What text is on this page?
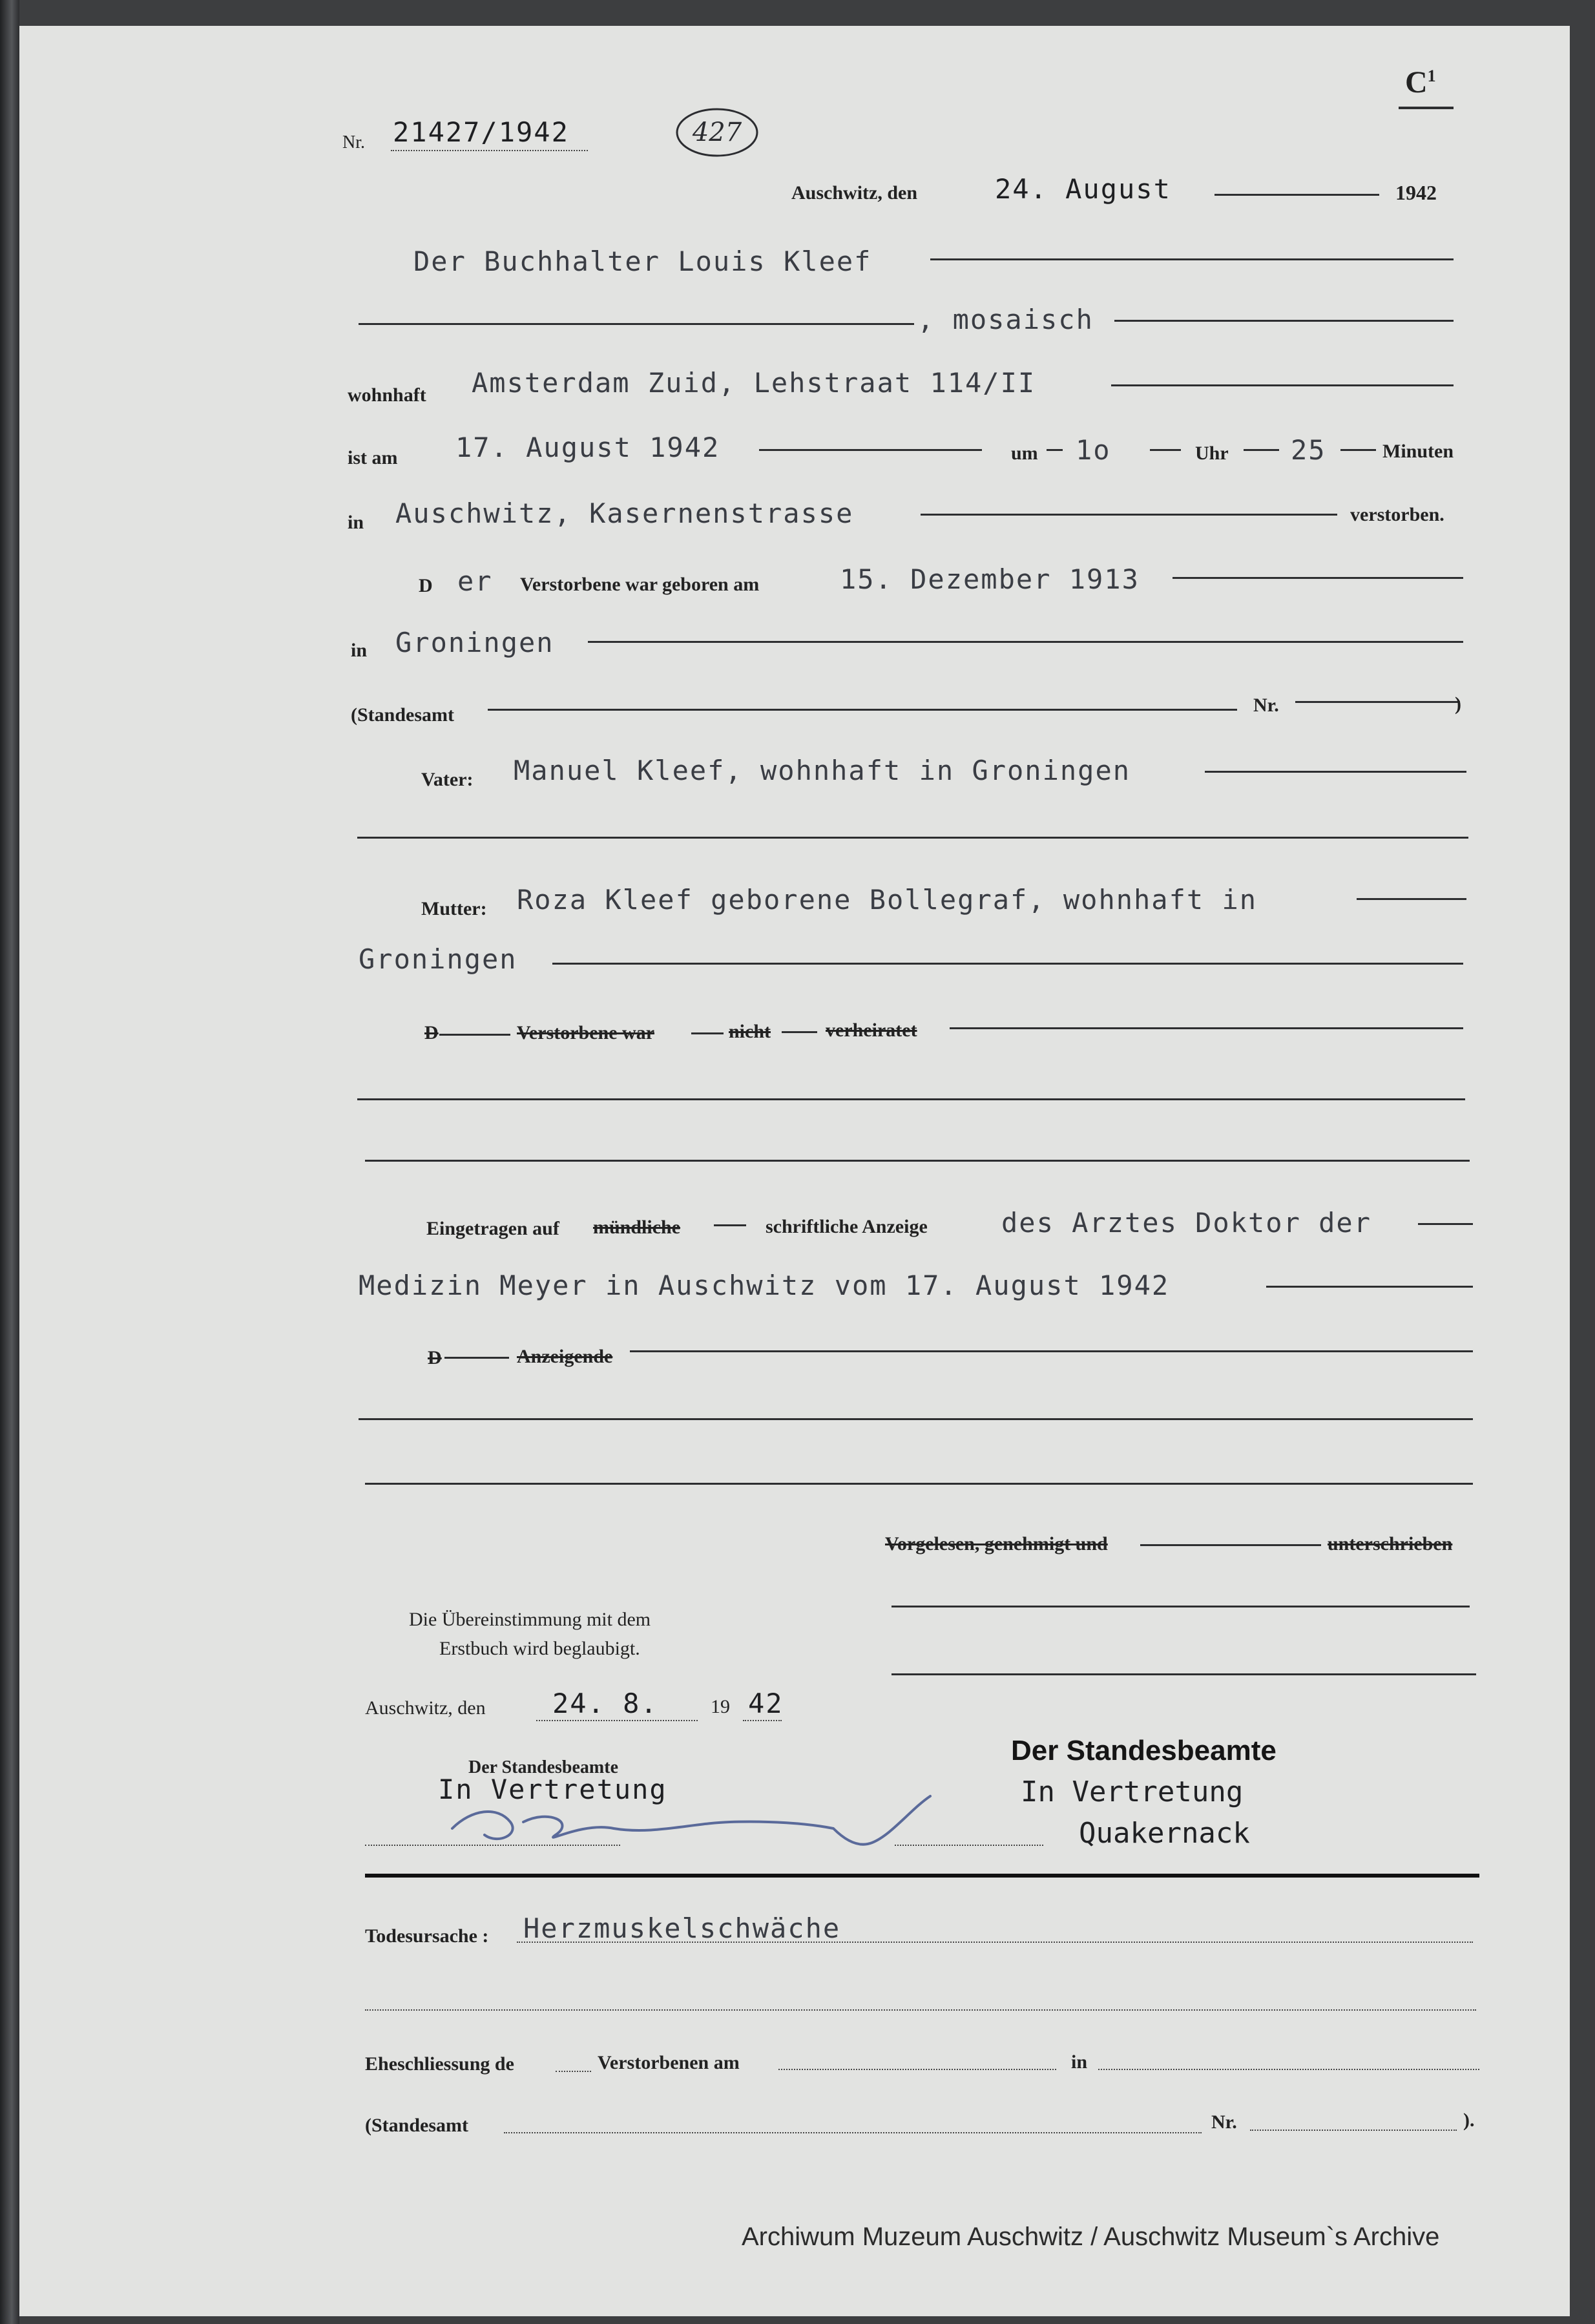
$C^1$
Nr. 21427/1942	427
Auschwitz, den	24. August	1942
Der Buchhalter Louis Kleef
, mosaisch
wohnhaft Amsterdam Zuid, Lehstraat 114/II
ist am 17. August 1942	um 1o	Uhr 25	Minuten
in Auschwitz, Kasernenstrasse	verstorben.
D er Verstorbene war geboren am	15. Dezember 1913
in Groningen
(Standesamt	Nr.	)
Vater: Manuel Kleef, wohnhaft in Groningen
Mutter: Roza Kleef geborene Bollegraf, wohnhaft in
Groningen
D	Verstorbene war	nicht	verheiratet
Eingetragen auf mündliche	schriftliche Anzeige	des Arztes Doktor der
Medizin Meyer in Auschwitz vom 17. August 1942
D	Anzeigende
Vorgelesen, genehmigt und	unterschrieben
Die Übereinstimmung mit dem
Erstbuch wird beglaubigt.
Auschwitz, den 24. 8.	19 42
Der Standesbeamte
In Vertretung
Der Standesbeamte
In Vertretung
Quakernack
Todesursache : Herzmuskelschwäche
Eheschliessung de	Verstorbenen am	in
(Standesamt	Nr.	).
Archiwum Muzeum Auschwitz / Auschwitz Museum`s Archive
